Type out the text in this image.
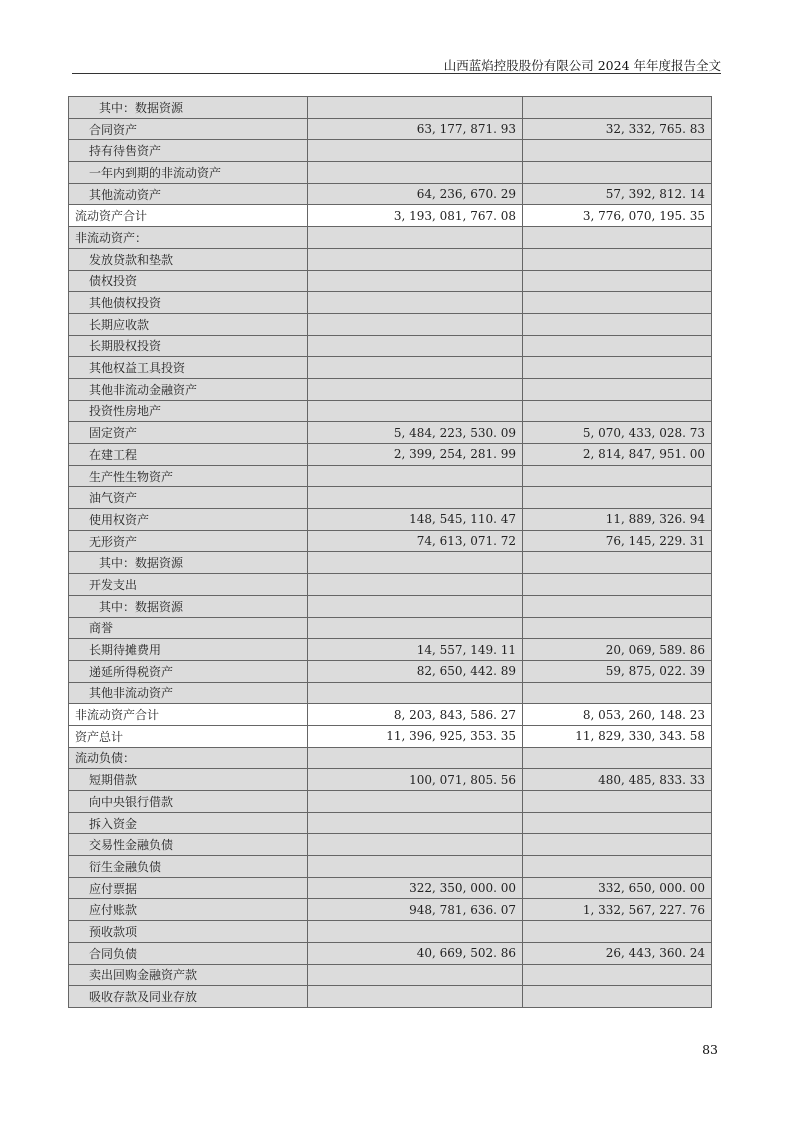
山西蓝焰控股股份有限公司 2024 年年度报告全文
其中：数据资源		
合同资产	63, 177, 871. 93	32, 332, 765. 83
持有待售资产		
一年内到期的非流动资产		
其他流动资产	64, 236, 670. 29	57, 392, 812. 14
流动资产合计	3, 193, 081, 767. 08	3, 776, 070, 195. 35
非流动资产：		
发放贷款和垫款		
债权投资		
其他债权投资		
长期应收款		
长期股权投资		
其他权益工具投资		
其他非流动金融资产		
投资性房地产		
固定资产	5, 484, 223, 530. 09	5, 070, 433, 028. 73
在建工程	2, 399, 254, 281. 99	2, 814, 847, 951. 00
生产性生物资产		
油气资产		
使用权资产	148, 545, 110. 47	11, 889, 326. 94
无形资产	74, 613, 071. 72	76, 145, 229. 31
其中：数据资源		
开发支出		
其中：数据资源		
商誉		
长期待摊费用	14, 557, 149. 11	20, 069, 589. 86
递延所得税资产	82, 650, 442. 89	59, 875, 022. 39
其他非流动资产		
非流动资产合计	8, 203, 843, 586. 27	8, 053, 260, 148. 23
资产总计	11, 396, 925, 353. 35	11, 829, 330, 343. 58
流动负债：		
短期借款	100, 071, 805. 56	480, 485, 833. 33
向中央银行借款		
拆入资金		
交易性金融负债		
衍生金融负债		
应付票据	322, 350, 000. 00	332, 650, 000. 00
应付账款	948, 781, 636. 07	1, 332, 567, 227. 76
预收款项		
合同负债	40, 669, 502. 86	26, 443, 360. 24
卖出回购金融资产款		
吸收存款及同业存放		
83
